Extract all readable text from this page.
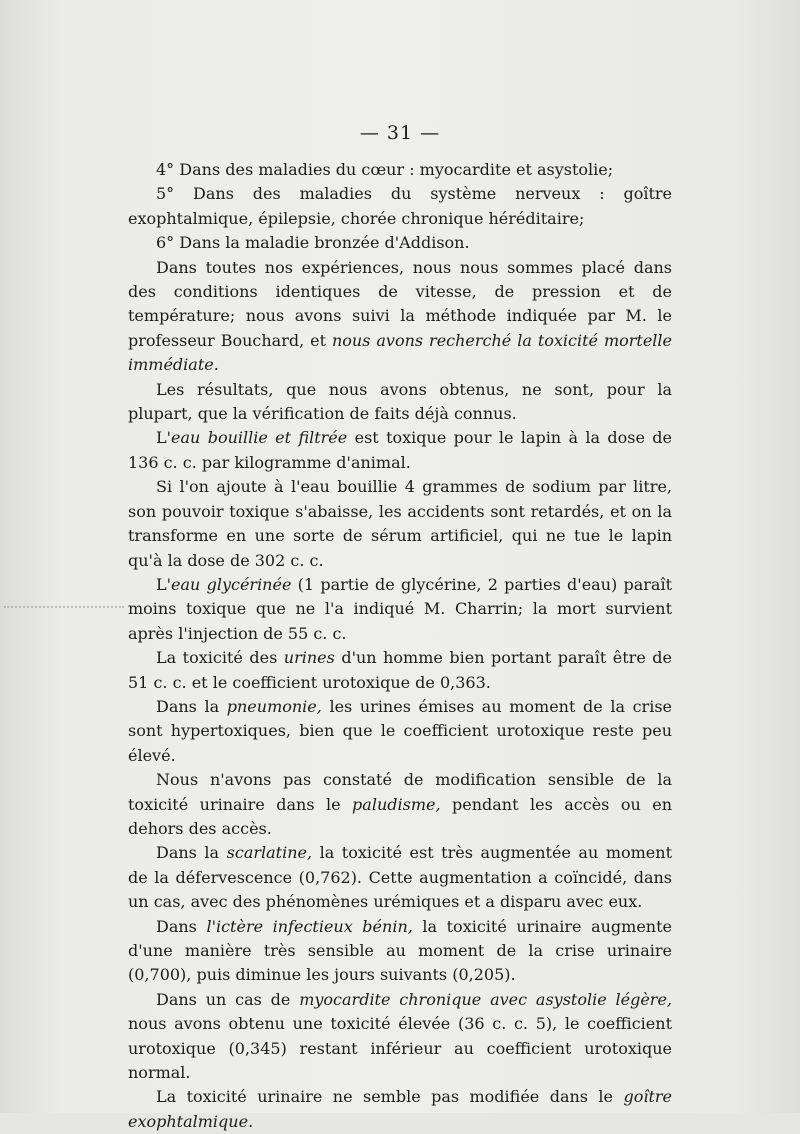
— 31 —

4° Dans des maladies du cœur : myocardite et asystolie;

5° Dans des maladies du système nerveux : goître exophtalmique, épilepsie, chorée chronique héréditaire;

6° Dans la maladie bronzée d'Addison.

Dans toutes nos expériences, nous nous sommes placé dans des conditions identiques de vitesse, de pression et de température; nous avons suivi la méthode indiquée par M. le professeur Bouchard, et nous avons recherché la toxicité mortelle immédiate.

Les résultats, que nous avons obtenus, ne sont, pour la plupart, que la vérification de faits déjà connus.

L'eau bouillie et filtrée est toxique pour le lapin à la dose de 136 c. c. par kilogramme d'animal.

Si l'on ajoute à l'eau bouillie 4 grammes de sodium par litre, son pouvoir toxique s'abaisse, les accidents sont retardés, et on la transforme en une sorte de sérum artificiel, qui ne tue le lapin qu'à la dose de 302 c. c.

L'eau glycérinée (1 partie de glycérine, 2 parties d'eau) paraît moins toxique que ne l'a indiqué M. Charrin; la mort survient après l'injection de 55 c. c.

La toxicité des urines d'un homme bien portant paraît être de 51 c. c. et le coefficient urotoxique de 0,363.

Dans la pneumonie, les urines émises au moment de la crise sont hypertoxiques, bien que le coefficient urotoxique reste peu élevé.

Nous n'avons pas constaté de modification sensible de la toxicité urinaire dans le paludisme, pendant les accès ou en dehors des accès.

Dans la scarlatine, la toxicité est très augmentée au moment de la défervescence (0,762). Cette augmentation a coïncidé, dans un cas, avec des phénomènes urémiques et a disparu avec eux.

Dans l'ictère infectieux bénin, la toxicité urinaire augmente d'une manière très sensible au moment de la crise urinaire (0,700), puis diminue les jours suivants (0,205).

Dans un cas de myocardite chronique avec asystolie légère, nous avons obtenu une toxicité élevée (36 c. c. 5), le coefficient urotoxique (0,345) restant inférieur au coefficient urotoxique normal.

La toxicité urinaire ne semble pas modifiée dans le goître exophtalmique.
